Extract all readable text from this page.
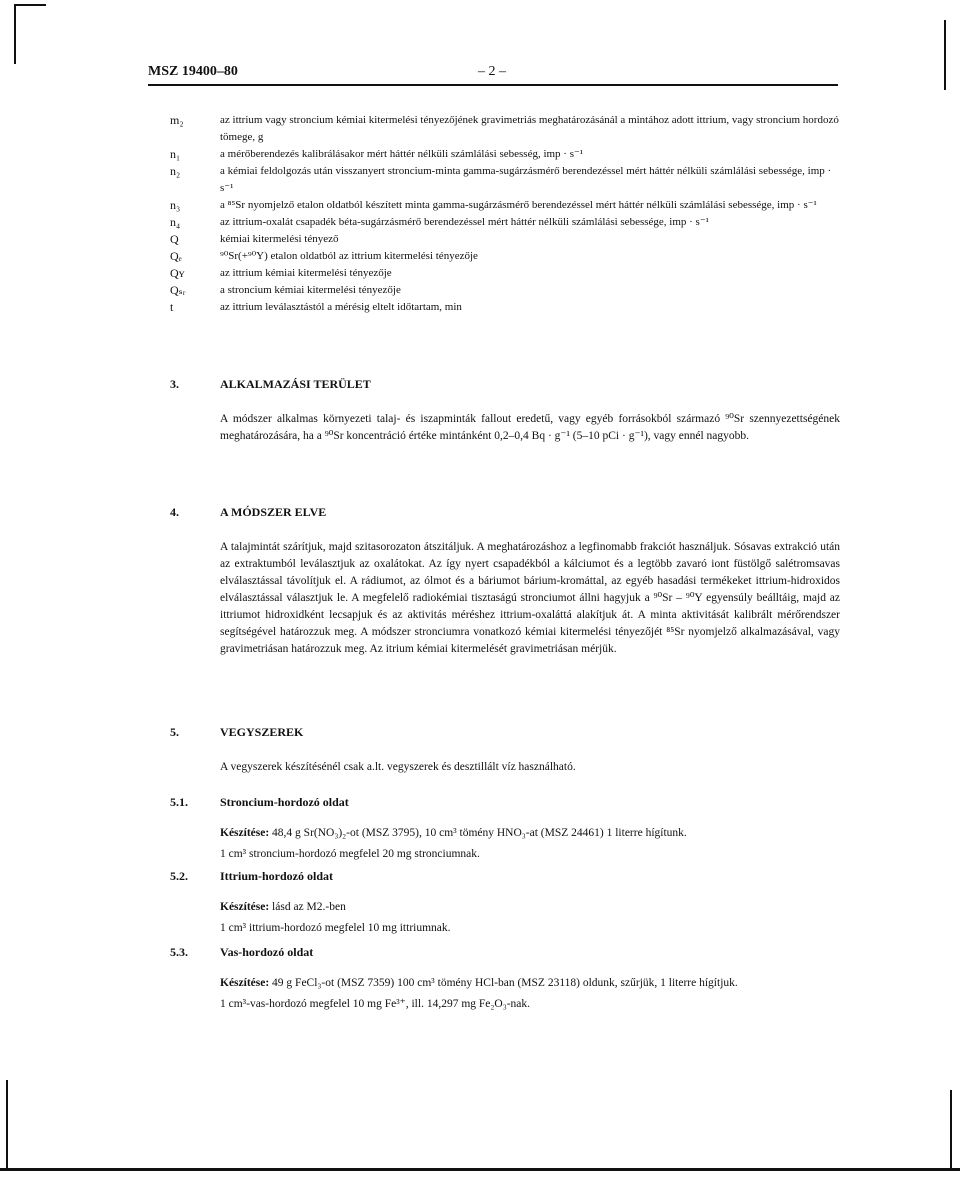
MSZ 19400–80	– 2 –
m₂	az ittrium vagy stroncium kémiai kitermelési tényezőjének gravimetriás meghatározásánál a mintához adott ittrium, vagy stroncium hordozó tömege, g
n₁	a mérőberendezés kalibrálásakor mért háttér nélküli számlálási sebesség, imp · s⁻¹
n₂	a kémiai feldolgozás után visszanyert stroncium-minta gamma-sugárzásmérő berendezéssel mért háttér nélküli számlálási sebessége, imp · s⁻¹
n₃	a ⁸⁵Sr nyomjelző etalon oldatból készített minta gamma-sugárzásmérő berendezéssel mért háttér nélküli számlálási sebessége, imp · s⁻¹
n₄	az ittrium-oxalát csapadék béta-sugárzásmérő berendezéssel mért háttér nélküli számlálási sebessége, imp · s⁻¹
Q	kémiai kitermelési tényező
Qₑ	⁹⁰Sr(+⁹⁰Y) etalon oldatból az ittrium kitermelési tényezője
Qʏ	az ittrium kémiai kitermelési tényezője
Qₛᵣ	a stroncium kémiai kitermelési tényezője
t	az ittrium leválasztástól a mérésig eltelt időtartam, min
3.	ALKALMAZÁSI TERÜLET
A módszer alkalmas környezeti talaj- és iszapminták fallout eredetű, vagy egyéb forrásokból származó ⁹⁰Sr szennyezettségének meghatározására, ha a ⁹⁰Sr koncentráció értéke mintánként 0,2–0,4 Bq · g⁻¹ (5–10 pCi · g⁻¹), vagy ennél nagyobb.
4.	A MÓDSZER ELVE
A talajmintát szárítjuk, majd szitasorozaton átszitáljuk. A meghatározáshoz a legfinomabb frakciót használjuk. Sósavas extrakció után az extraktumból leválasztjuk az oxalátokat. Az így nyert csapadékból a kálciumot és a legtöbb zavaró iont füstölgő salétromsavas elválasztással távolítjuk el. A rádiumot, az ólmot és a báriumot bárium-kromáttal, az egyéb hasadási termékeket ittrium-hidroxidos elválasztással választjuk le. A megfelelő radiokémiai tisztaságú stronciumot állni hagyjuk a ⁹⁰Sr – ⁹⁰Y egyensúly beálltáig, majd az ittriumot hidroxidként lecsapjuk és az aktivitás méréshez ittrium-oxaláttá alakítjuk át. A minta aktivitását kalibrált mérőrendszer segítségével határozzuk meg. A módszer stronciumra vonatkozó kémiai kitermelési tényezőjét ⁸⁵Sr nyomjelző alkalmazásával, vagy gravimetriásan határozzuk meg. Az itrium kémiai kitermelését gravimetriásan mérjük.
5.	VEGYSZEREK
A vegyszerek készítésénél csak a.lt. vegyszerek és desztillált víz használható.
5.1.	Stroncium-hordozó oldat

Készítése: 48,4 g Sr(NO₃)₂-ot (MSZ 3795), 10 cm³ tömény HNO₃-at (MSZ 24461) 1 literre hígítunk.

1 cm³ stroncium-hordozó megfelel 20 mg stronciumnak.

5.2.	Ittrium-hordozó oldat

Készítése: lásd az M2.-ben

1 cm³ ittrium-hordozó megfelel 10 mg ittriumnak.

5.3.	Vas-hordozó oldat

Készítése: 49 g FeCl₃-ot (MSZ 7359) 100 cm³ tömény HCl-ban (MSZ 23118) oldunk, szűrjük, 1 literre hígítjuk.

1 cm³-vas-hordozó megfelel 10 mg Fe³⁺, ill. 14,297 mg Fe₂O₃-nak.
